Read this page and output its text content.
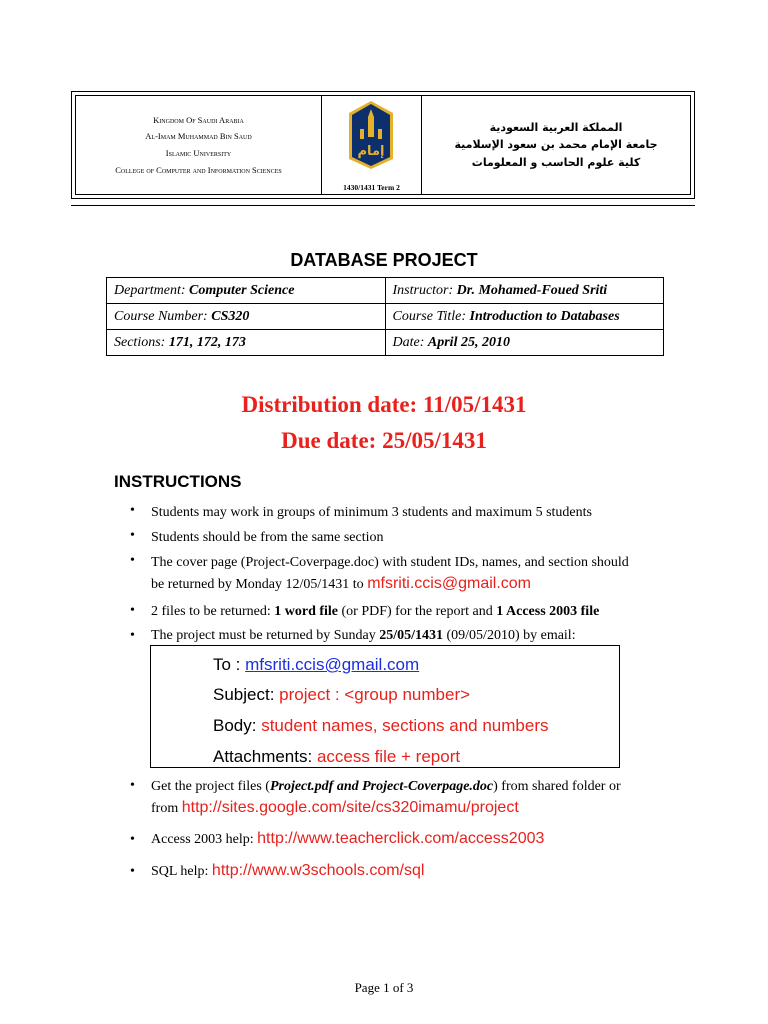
Kingdom Of Saudi Arabia
Al-Imam Muhammad Bin Saud
Islamic University
College of Computer and Information Sciences
إمام
1430/1431 Term 2
المملكة العربية السعودية
جامعة الإمام محمد بن سعود الإسلامية
كلية علوم الحاسب و المعلومات
DATABASE PROJECT
Department: Computer Science	Instructor: Dr. Mohamed-Foued Sriti
Course Number: CS320	Course Title: Introduction to Databases
Sections: 171, 172, 173	Date: April 25, 2010
Distribution date: 11/05/1431
Due date: 25/05/1431
INSTRUCTIONS
• Students may work in groups of minimum 3 students and maximum 5 students
• Students should be from the same section
• The cover page (Project-Coverpage.doc) with student IDs, names, and section should
be returned by Monday 12/05/1431 to mfsriti.ccis@gmail.com
• 2 files to be returned: 1 word file (or PDF) for the report and 1 Access 2003 file
• The project must be returned by Sunday 25/05/1431 (09/05/2010) by email:
To : mfsriti.ccis@gmail.com
Subject: project : <group number>
Body: student names, sections and numbers
Attachments: access file + report
• Get the project files (Project.pdf and Project-Coverpage.doc) from shared folder or
from http://sites.google.com/site/cs320imamu/project
• Access 2003 help: http://www.teacherclick.com/access2003
• SQL help: http://www.w3schools.com/sql
Page 1 of 3
